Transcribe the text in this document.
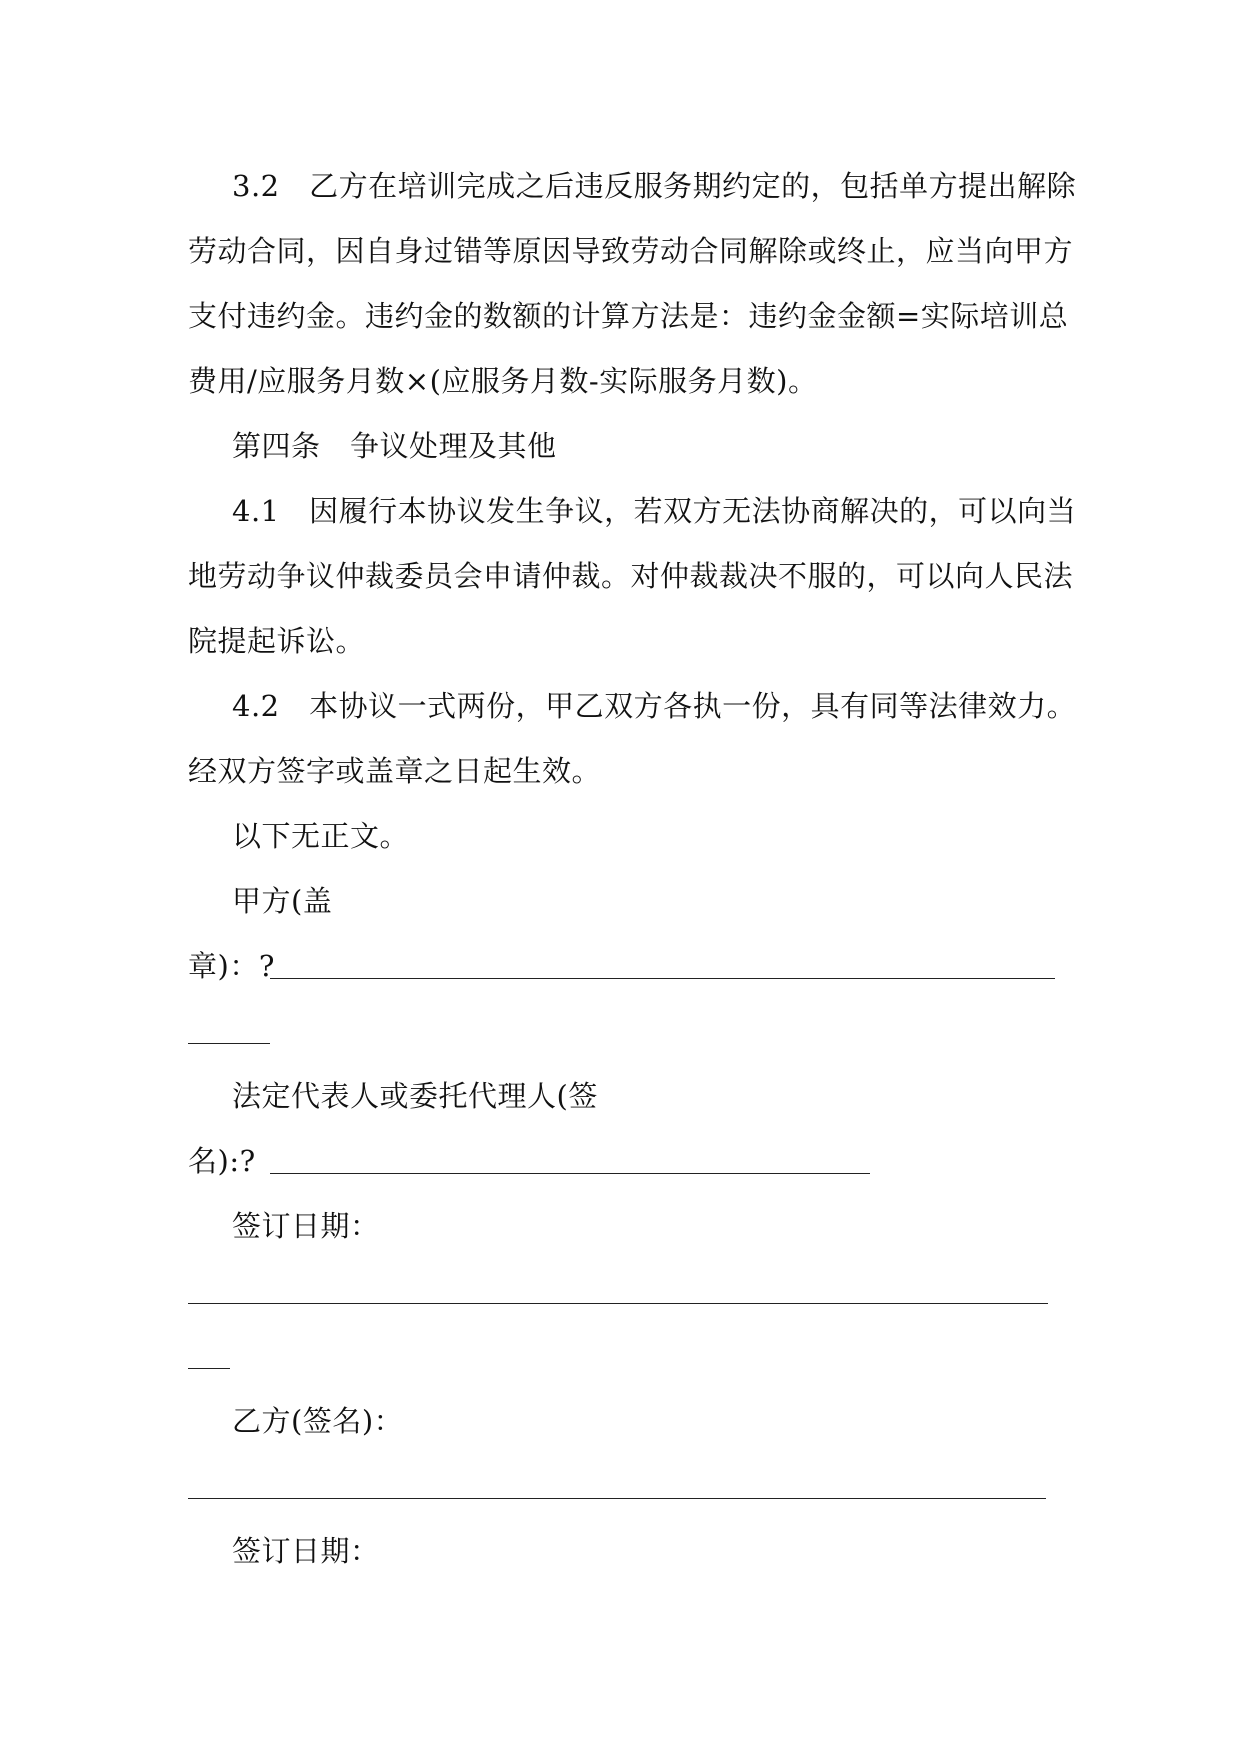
3.2　乙方在培训完成之后违反服务期约定的，包括单方提出解除
劳动合同，因自身过错等原因导致劳动合同解除或终止，应当向甲方
支付违约金。违约金的数额的计算方法是：违约金金额=实际培训总
费用/应服务月数×(应服务月数-实际服务月数)。
第四条　争议处理及其他
4.1　因履行本协议发生争议，若双方无法协商解决的，可以向当
地劳动争议仲裁委员会申请仲裁。对仲裁裁决不服的，可以向人民法
院提起诉讼。
4.2　本协议一式两份，甲乙双方各执一份，具有同等法律效力。
经双方签字或盖章之日起生效。
以下无正文。
甲方(盖
章)：?
法定代表人或委托代理人(签
名):?
签订日期：
乙方(签名)：
签订日期：
